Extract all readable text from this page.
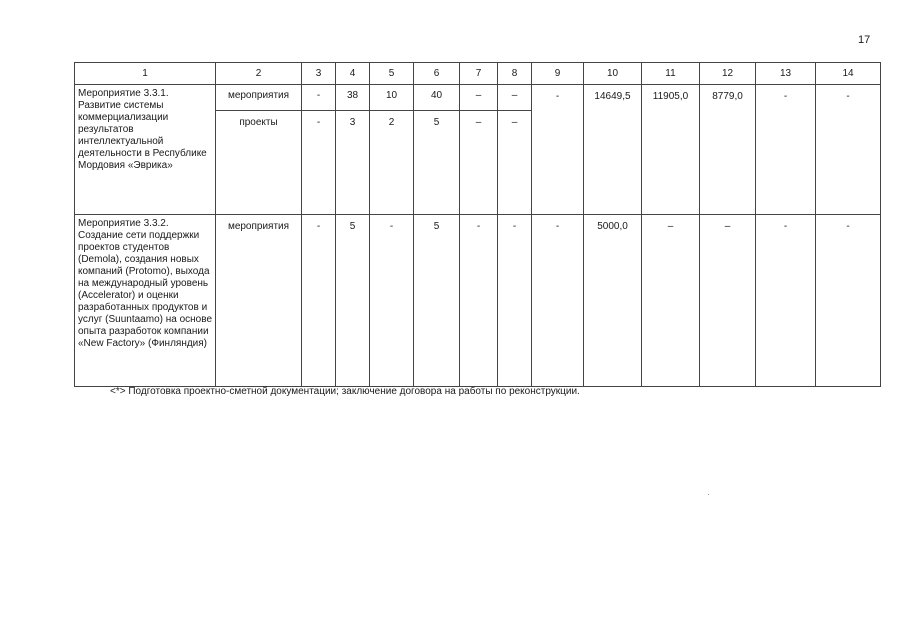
17
1	2	3	4	5	6	7	8	9	10	11	12	13	14
Мероприятие 3.3.1. Развитие системы коммерциализации результатов интеллектуальной деятельности в Республике Мордовия «Эврика»	мероприятия	-	38	10	40	–	–	-	14649,5	11905,0	8779,0	-	-
	проекты	-	3	2	5	–	–						
Мероприятие 3.3.2. Создание сети поддержки проектов студентов (Demola), создания новых компаний (Protomo), выхода на международный уровень (Accelerator) и оценки разработанных продуктов и услуг (Suuntaamo) на основе опыта разработок компании «New Factory» (Финляндия)	мероприятия	-	5	-	5	-	-	-	5000,0	–	–	-	-
<*> Подготовка проектно-сметной документации; заключение договора на работы по реконструкции.
